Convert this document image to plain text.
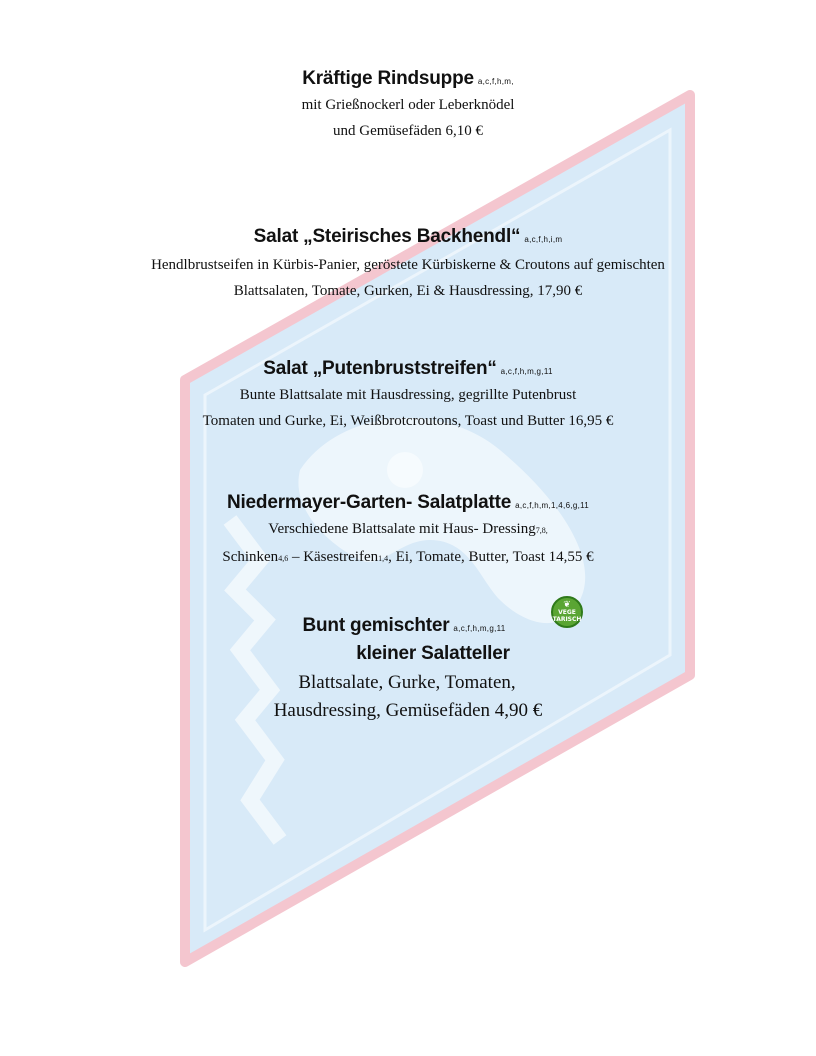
Kräftige Rindsuppe a,c,f,h,m,
mit Grießnockerl oder Leberknödel
und Gemüsefäden 6,10 €
Salat „Steirisches Backhendl“ a,c,f,h,i,m
Hendlbrustseifen in Kürbis-Panier, geröstete Kürbiskerne & Croutons auf gemischten
Blattsalaten, Tomate, Gurken, Ei & Hausdressing, 17,90 €
Salat „Putenbruststreifen“ a,c,f,h,m,g,11
Bunte Blattsalate mit Hausdressing, gegrillte Putenbrust
Tomaten und Gurke, Ei, Weißbrotcroutons, Toast und Butter 16,95 €
Niedermayer-Garten- Salatplatte a,c,f,h,m,1,4,6,g,11
Verschiedene Blattsalate mit Haus- Dressing7,8,
Schinken4,6 – Käsestreifen1,4, Ei, Tomate, Butter, Toast 14,55 €
Bunt gemischter a,c,f,h,m,g,11
kleiner Salatteller
Blattsalate, Gurke, Tomaten,
Hausdressing, Gemüsefäden 4,90 €
❦
VEGE TARISCH
